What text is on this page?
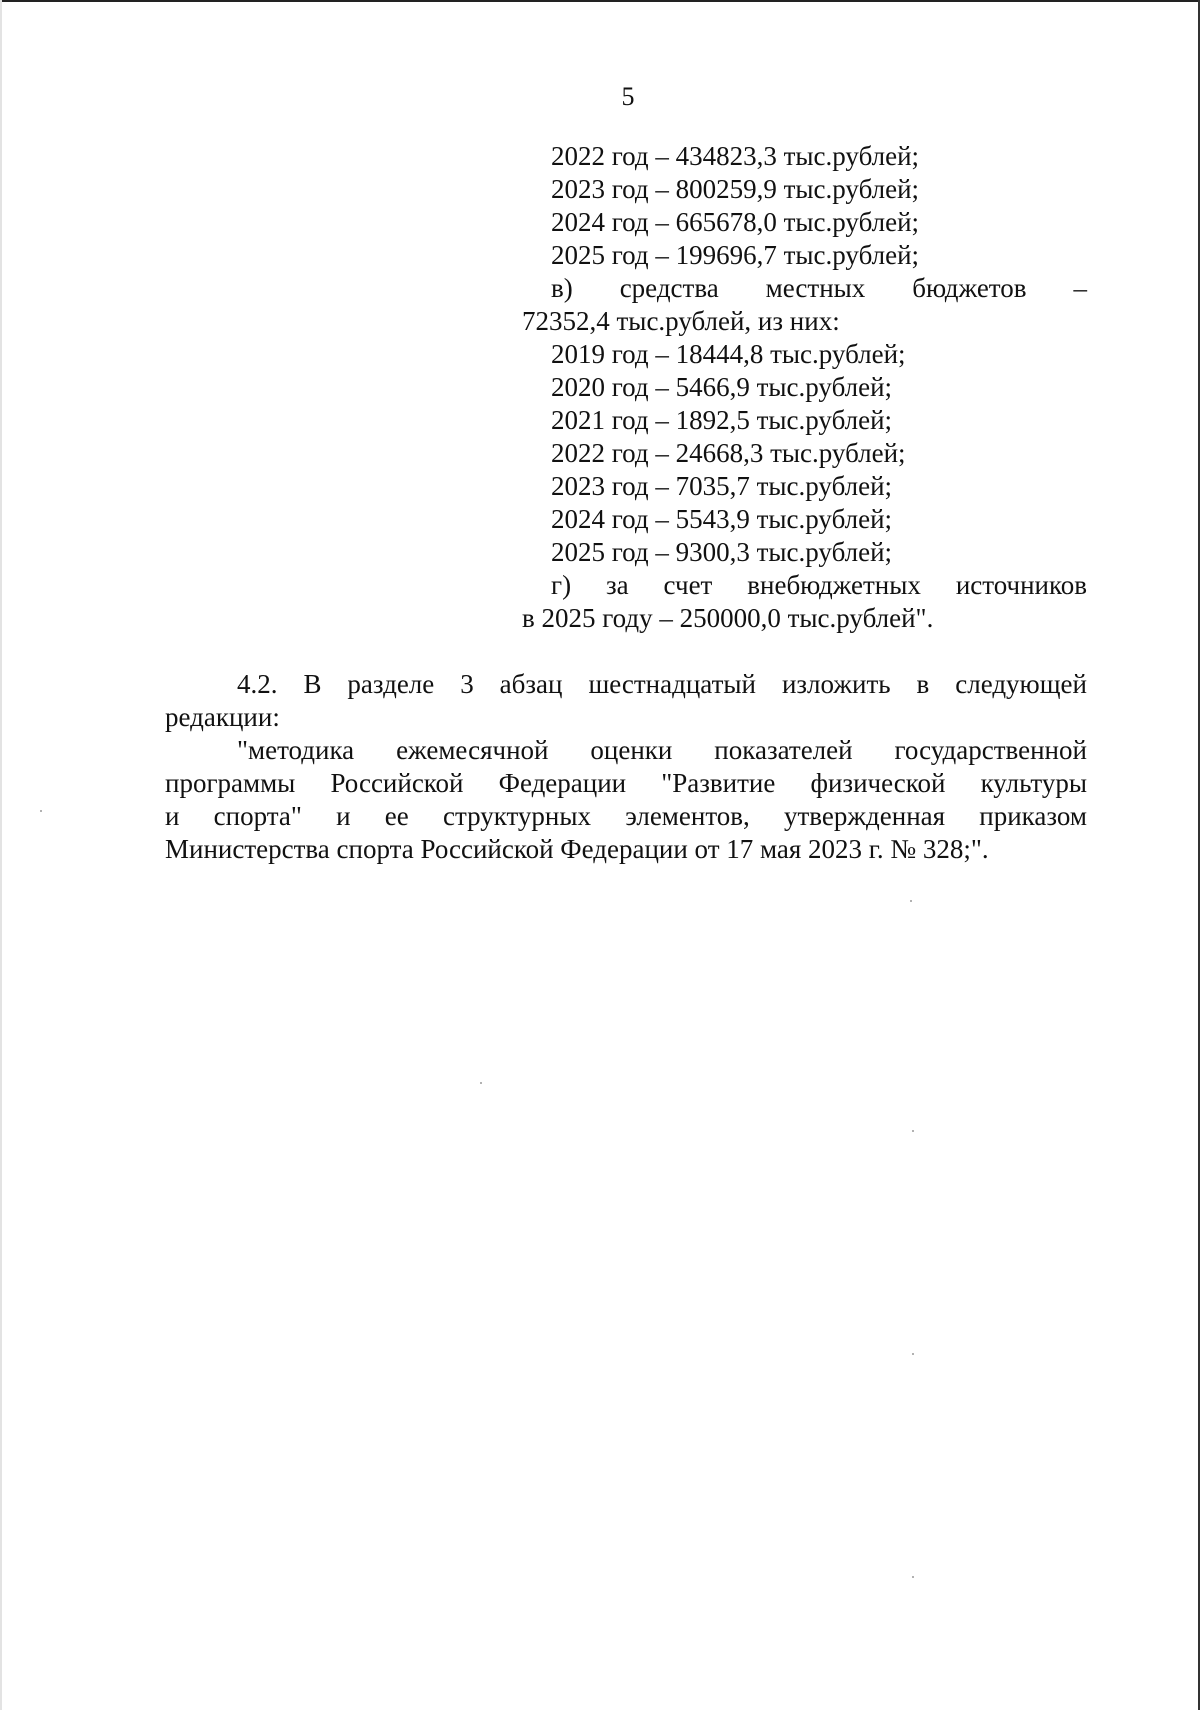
5
2022 год – 434823,3 тыс.рублей;
2023 год – 800259,9 тыс.рублей;
2024 год – 665678,0 тыс.рублей;
2025 год – 199696,7 тыс.рублей;
в) средства местных бюджетов –
72352,4 тыс.рублей, из них:
2019 год – 18444,8 тыс.рублей;
2020 год – 5466,9 тыс.рублей;
2021 год – 1892,5 тыс.рублей;
2022 год – 24668,3 тыс.рублей;
2023 год – 7035,7 тыс.рублей;
2024 год – 5543,9 тыс.рублей;
2025 год – 9300,3 тыс.рублей;
г) за счет внебюджетных источников
в 2025 году – 250000,0 тыс.рублей".
4.2. В разделе 3 абзац шестнадцатый изложить в следующей
редакции:
"методика ежемесячной оценки показателей государственной
программы Российской Федерации "Развитие физической культуры
и спорта" и ее структурных элементов, утвержденная приказом
Министерства спорта Российской Федерации от 17 мая 2023 г. № 328;".
